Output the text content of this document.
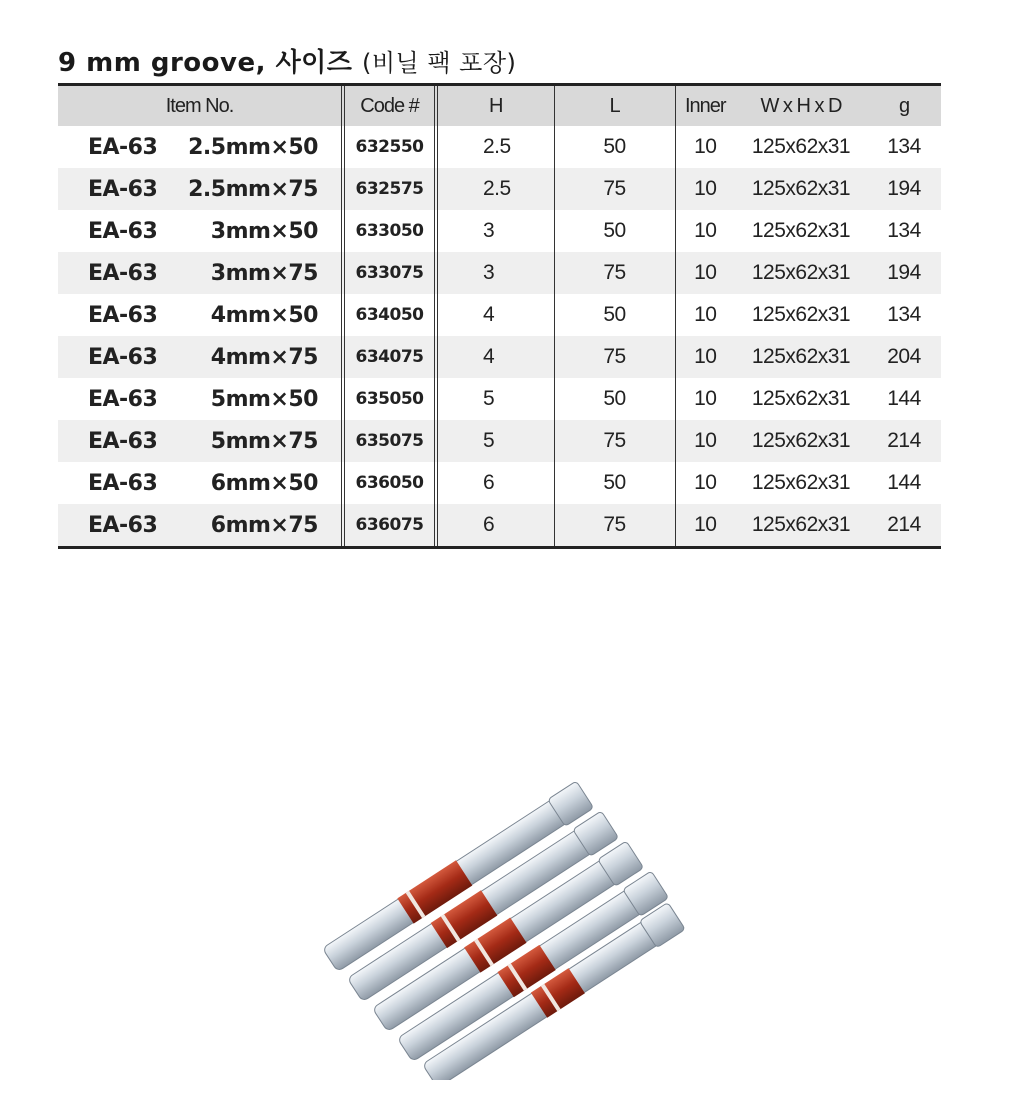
9 mm groove, 사이즈 (비닐 팩 포장)
Item No.	Code #	H	L	Inner	W x H x D	g
EA-63 2.5mm×50	632550	2.5	50	10	125x62x31	134
EA-63 2.5mm×75	632575	2.5	75	10	125x62x31	194
EA-63 3mm×50	633050	3	50	10	125x62x31	134
EA-63 3mm×75	633075	3	75	10	125x62x31	194
EA-63 4mm×50	634050	4	50	10	125x62x31	134
EA-63 4mm×75	634075	4	75	10	125x62x31	204
EA-63 5mm×50	635050	5	50	10	125x62x31	144
EA-63 5mm×75	635075	5	75	10	125x62x31	214
EA-63 6mm×50	636050	6	50	10	125x62x31	144
EA-63 6mm×75	636075	6	75	10	125x62x31	214
